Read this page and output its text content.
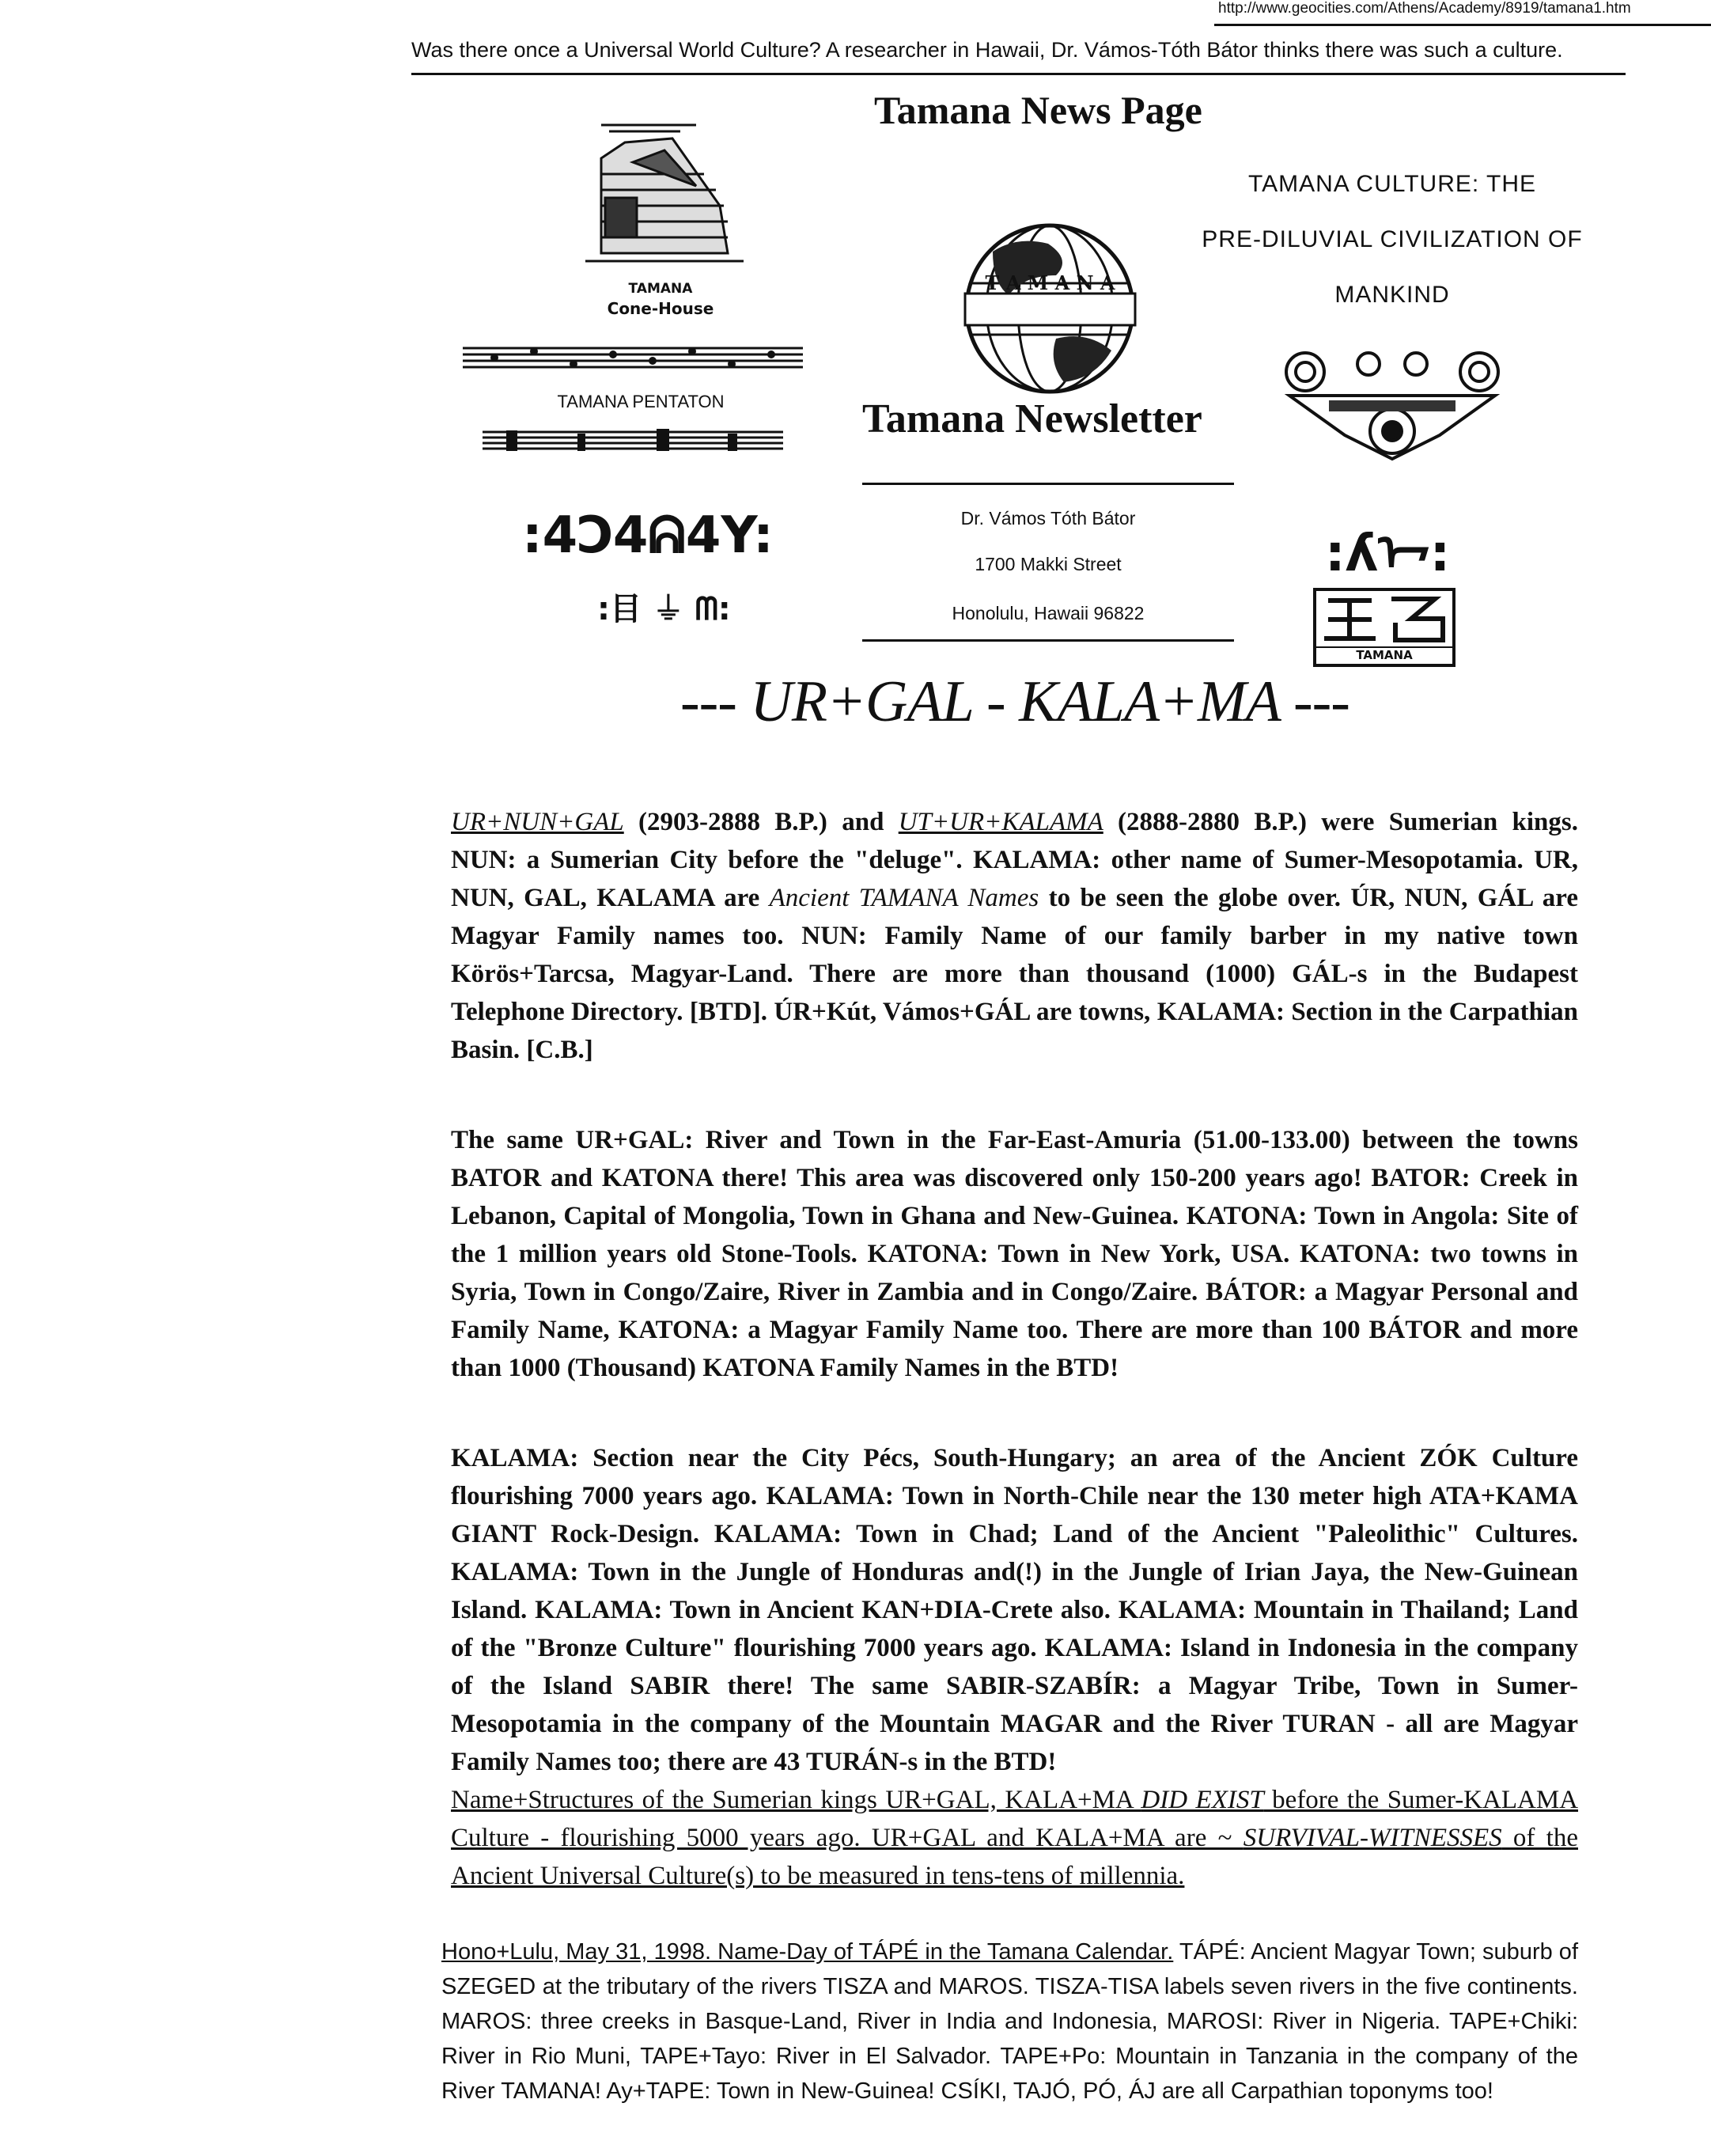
http://www.geocities.com/Athens/Academy/8919/tamana1.htm
Was there once a Universal World Culture? A researcher in Hawaii, Dr. Vámos-Tóth Bátor thinks there was such a culture.
Tamana News Page
TAMANA
Cone-House
TAMANA PENTATON
:4Ͻ4ᕱ4Y:
:⽬ ⏚ ᗰ:
T A M A N A
Tamana Newsletter
Dr. Vámos Tóth Bátor
1700 Makki Street
Honolulu, Hawaii 96822
TAMANA CULTURE: THE
PRE-DILUVIAL CIVILIZATION OF
MANKIND
:ʎᢇ:
TAMANA
--- UR+GAL - KALA+MA ---

UR+NUN+GAL (2903-2888 B.P.) and UT+UR+KALAMA (2888-2880 B.P.) were Sumerian kings. NUN: a Sumerian City before the "deluge". KALAMA: other name of Sumer-Mesopotamia. UR, NUN, GAL, KALAMA are Ancient TAMANA Names to be seen the globe over. ÚR, NUN, GÁL are Magyar Family names too. NUN: Family Name of our family barber in my native town Körös+Tarcsa, Magyar-Land. There are more than thousand (1000) GÁL-s in the Budapest Telephone Directory. [BTD]. ÚR+Kút, Vámos+GÁL are towns, KALAMA: Section in the Carpathian Basin. [C.B.]

The same UR+GAL: River and Town in the Far-East-Amuria (51.00-133.00) between the towns BATOR and KATONA there! This area was discovered only 150-200 years ago! BATOR: Creek in Lebanon, Capital of Mongolia, Town in Ghana and New-Guinea. KATONA: Town in Angola: Site of the 1 million years old Stone-Tools. KATONA: Town in New York, USA. KATONA: two towns in Syria, Town in Congo/Zaire, River in Zambia and in Congo/Zaire. BÁTOR: a Magyar Personal and Family Name, KATONA: a Magyar Family Name too. There are more than 100 BÁTOR and more than 1000 (Thousand) KATONA Family Names in the BTD!

KALAMA: Section near the City Pécs, South-Hungary; an area of the Ancient ZÓK Culture flourishing 7000 years ago. KALAMA: Town in North-Chile near the 130 meter high ATA+KAMA GIANT Rock-Design. KALAMA: Town in Chad; Land of the Ancient "Paleolithic" Cultures. KALAMA: Town in the Jungle of Honduras and(!) in the Jungle of Irian Jaya, the New-Guinean Island. KALAMA: Town in Ancient KAN+DIA-Crete also. KALAMA: Mountain in Thailand; Land of the "Bronze Culture" flourishing 7000 years ago. KALAMA: Island in Indonesia in the company of the Island SABIR there! The same SABIR-SZABÍR: a Magyar Tribe, Town in Sumer-Mesopotamia in the company of the Mountain MAGAR and the River TURAN - all are Magyar Family Names too; there are 43 TURÁN-s in the BTD!

Name+Structures of the Sumerian kings UR+GAL, KALA+MA DID EXIST before the Sumer-KALAMA Culture - flourishing 5000 years ago. UR+GAL and KALA+MA are ~ SURVIVAL-WITNESSES of the Ancient Universal Culture(s) to be measured in tens-tens of millennia.

Hono+Lulu, May 31, 1998. Name-Day of TÁPÉ in the Tamana Calendar. TÁPÉ: Ancient Magyar Town; suburb of SZEGED at the tributary of the rivers TISZA and MAROS. TISZA-TISA labels seven rivers in the five continents. MAROS: three creeks in Basque-Land, River in India and Indonesia, MAROSI: River in Nigeria. TAPE+Chiki: River in Rio Muni, TAPE+Tayo: River in El Salvador. TAPE+Po: Mountain in Tanzania in the company of the River TAMANA! Ay+TAPE: Town in New-Guinea! CSÍKI, TAJÓ, PÓ, ÁJ are all Carpathian toponyms too!
